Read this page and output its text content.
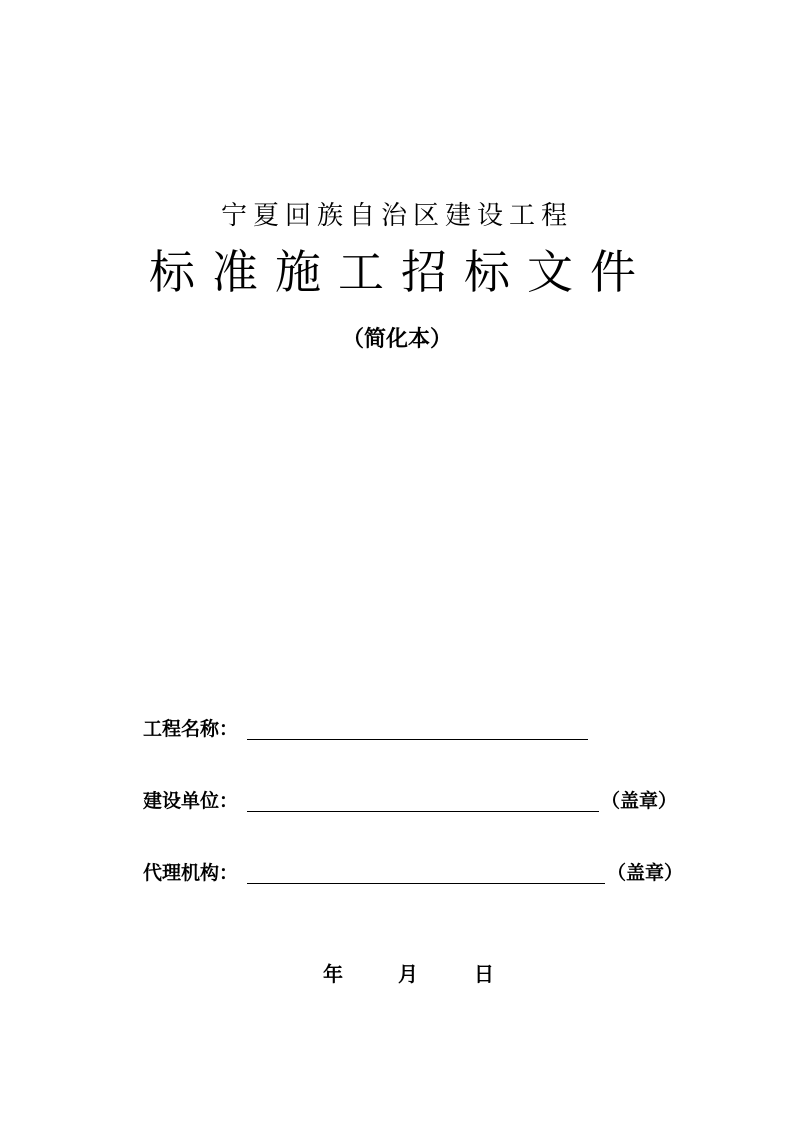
宁夏回族自治区建设工程
标准施工招标文件
（简化本）
工程名称：
建设单位：	（盖章）
代理机构：	（盖章）
年	月	日
